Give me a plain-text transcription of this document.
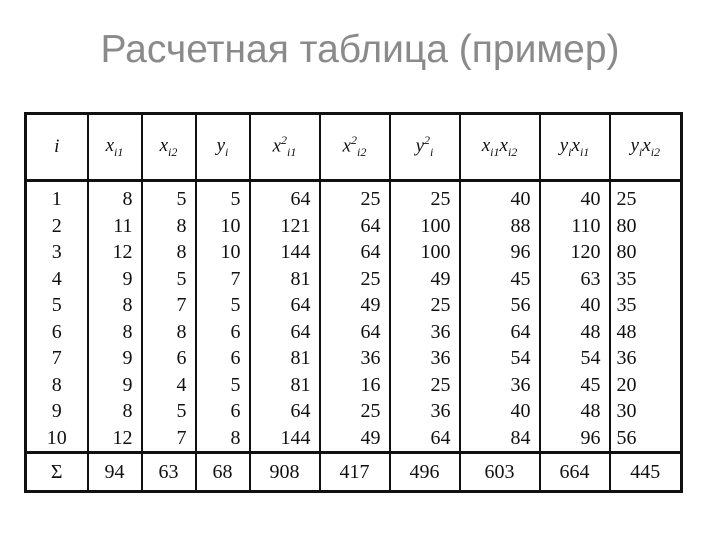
Расчетная таблица (пример)
i	$x_{i1}$	$x_{i2}$	$y_i$	$x^2_{i1}$	$x^2_{i2}$	$y^2_i$	$x_{i1}x_{i2}$	$y_ix_{i1}$	$y_ix_{i2}$
1	8	5	5	64	25	25	40	40	25
2	11	8	10	121	64	100	88	110	80
3	12	8	10	144	64	100	96	120	80
4	9	5	7	81	25	49	45	63	35
5	8	7	5	64	49	25	56	40	35
6	8	8	6	64	64	36	64	48	48
7	9	6	6	81	36	36	54	54	36
8	9	4	5	81	16	25	36	45	20
9	8	5	6	64	25	36	40	48	30
10	12	7	8	144	49	64	84	96	56
Σ	94	63	68	908	417	496	603	664	445
